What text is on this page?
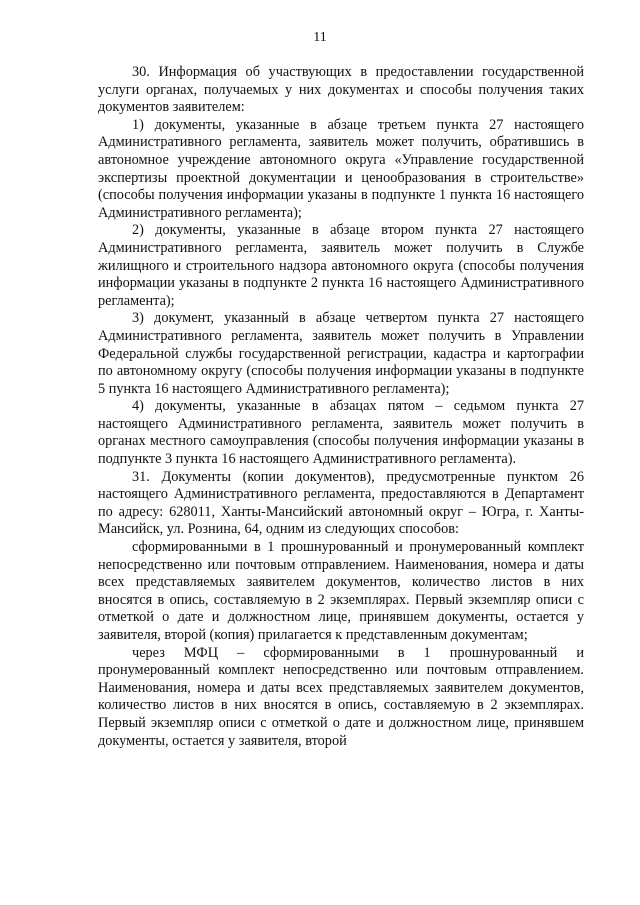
11

30. Информация об участвующих в предоставлении государственной услуги органах, получаемых у них документах и способы получения таких документов заявителем:

1) документы, указанные в абзаце третьем пункта 27 настоящего Административного регламента, заявитель может получить, обратившись в автономное учреждение автономного округа «Управление государственной экспертизы проектной документации и ценообразования в строительстве» (способы получения информации указаны в подпункте 1 пункта 16 настоящего Административного регламента);

2) документы, указанные в абзаце втором пункта 27 настоящего Административного регламента, заявитель может получить в Службе жилищного и строительного надзора автономного округа (способы получения информации указаны в подпункте 2 пункта 16 настоящего Административного регламента);

3) документ, указанный в абзаце четвертом пункта 27 настоящего Административного регламента, заявитель может получить в Управлении Федеральной службы государственной регистрации, кадастра и картографии по автономному округу (способы получения информации указаны в подпункте 5 пункта 16 настоящего Административного регламента);

4) документы, указанные в абзацах пятом – седьмом пункта 27 настоящего Административного регламента, заявитель может получить в органах местного самоуправления (способы получения информации указаны в подпункте 3 пункта 16 настоящего Административного регламента).

31. Документы (копии документов), предусмотренные пунктом 26 настоящего Административного регламента, предоставляются в Департамент по адресу: 628011, Ханты-Мансийский автономный округ – Югра, г. Ханты-Мансийск, ул. Рознина, 64, одним из следующих способов:

сформированными в 1 прошнурованный и пронумерованный комплект непосредственно или почтовым отправлением. Наименования, номера и даты всех представляемых заявителем документов, количество листов в них вносятся в опись, составляемую в 2 экземплярах. Первый экземпляр описи с отметкой о дате и должностном лице, принявшем документы, остается у заявителя, второй (копия) прилагается к представленным документам;

через МФЦ – сформированными в 1 прошнурованный и пронумерованный комплект непосредственно или почтовым отправлением. Наименования, номера и даты всех представляемых заявителем документов, количество листов в них вносятся в опись, составляемую в 2 экземплярах. Первый экземпляр описи с отметкой о дате и должностном лице, принявшем документы, остается у заявителя, второй
